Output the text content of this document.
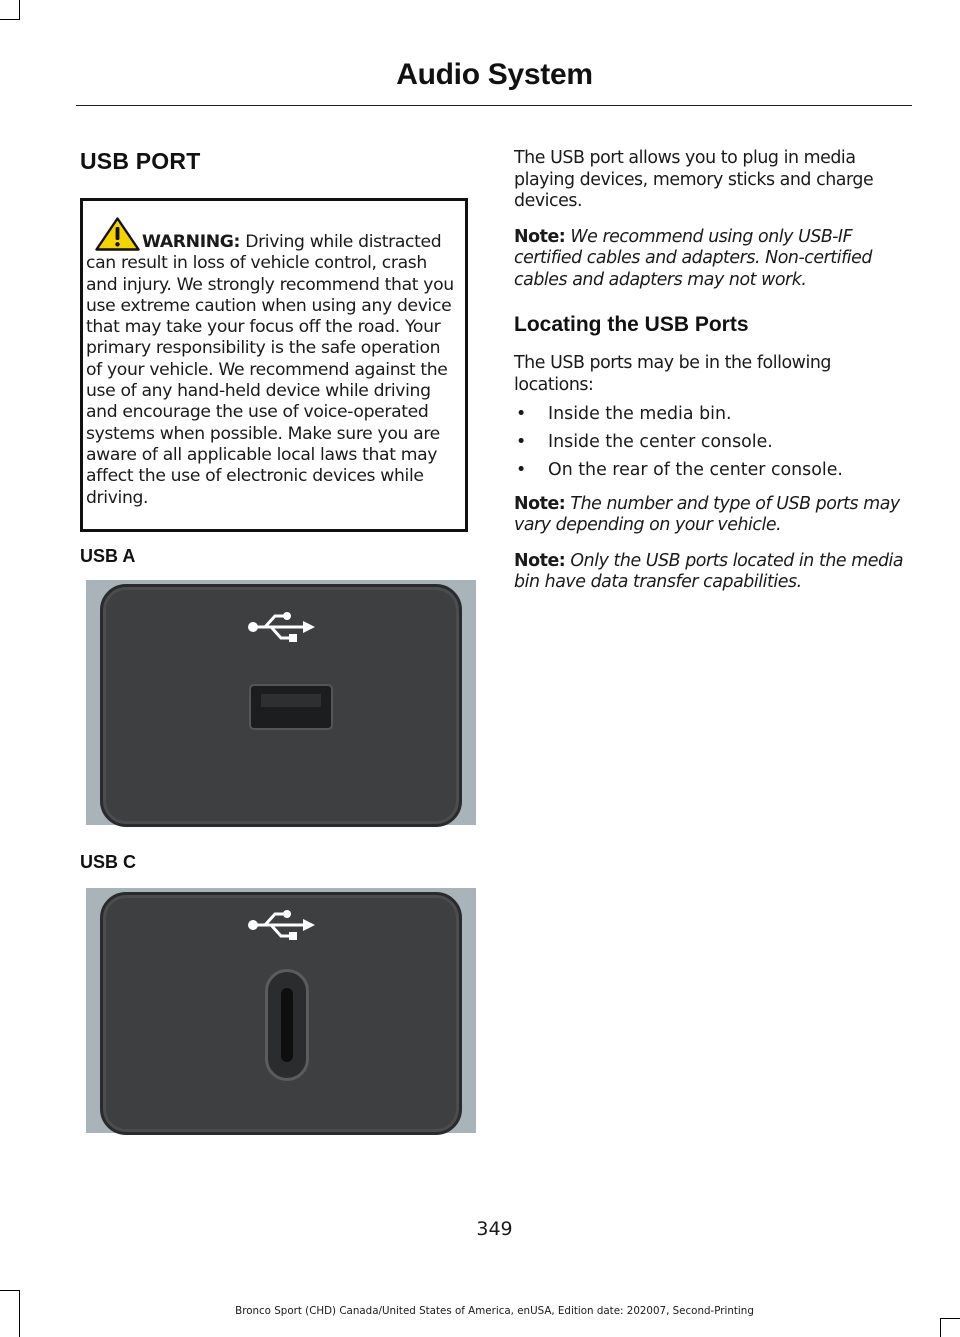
Audio System
USB PORT
WARNING: Driving while distracted can result in loss of vehicle control, crash and injury. We strongly recommend that you use extreme caution when using any device that may take your focus off the road. Your primary responsibility is the safe operation of your vehicle. We recommend against the use of any hand-held device while driving and encourage the use of voice-operated systems when possible. Make sure you are aware of all applicable local laws that may affect the use of electronic devices while driving.
USB A
USB C

The USB port allows you to plug in media playing devices, memory sticks and charge devices.

Note: We recommend using only USB-IF certified cables and adapters. Non-certified cables and adapters may not work.

Locating the USB Ports

The USB ports may be in the following locations:

• Inside the media bin.
• Inside the center console.
• On the rear of the center console.

Note: The number and type of USB ports may vary depending on your vehicle.

Note: Only the USB ports located in the media bin have data transfer capabilities.

349
Bronco Sport (CHD) Canada/United States of America, enUSA, Edition date: 202007, Second-Printing
